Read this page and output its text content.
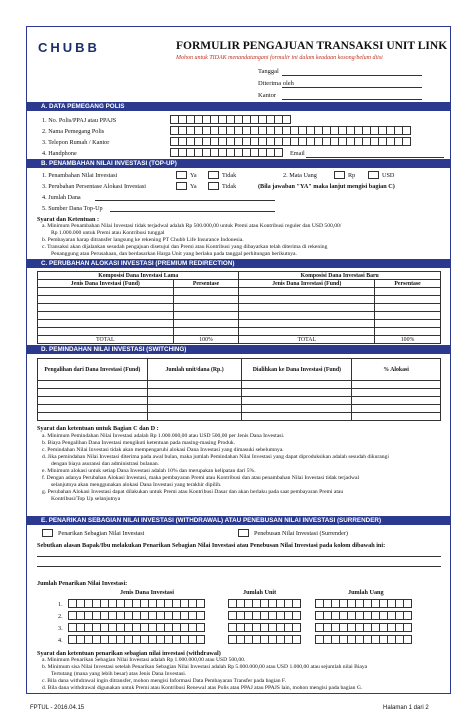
CHUBB	FORMULIR PENGAJUAN TRANSAKSI UNIT LINK
Mohon untuk TIDAK menandatangani formulir ini dalam keadaan kosong/belum diisi
Tanggal
Diterima oleh
Kantor
A. DATA PEMEGANG POLIS
1. No. Polis/PPAJ atau PPAJS
2. Nama Pemegang Polis
3. Telepon Rumah / Kantor
4. Handphone	Email
B. PENAMBAHAN NILAI INVESTASI (TOP-UP)
1. Penambahan Nilai Investasi	Ya	Tidak	2. Mata Uang	Rp	USD
3. Perubahan Persentase Alokasi Investasi	Ya	Tidak	(Bila jawaban "YA" maka lanjut mengisi bagian C)
4. Jumlah Dana
5. Sumber Dana Top-Up
Syarat dan Ketentuan :
a. Minimum Penambahan Nilai Investasi tidak terjadwal adalah Rp 500.000,00 untuk Premi atau Kontribusi reguler dan USD 500,00/
Rp 1.000.000 untuk Premi atau Kontribusi tunggal
b. Pembayaran harap ditransfer langsung ke rekening PT Chubb Life Insurance Indonesia.
c. Transaksi akan dijalankan sesudah pengajuan disetujui dan Premi atau Kontribusi yang dibayarkan telah diterima di rekening
Penanggung atau Perusahaan, dan berdasarkan Harga Unit yang berlaku pada tanggal perhitungan berikutnya.
C. PERUBAHAN ALOKASI INVESTASI (PREMIUM REDIRECTION)
Komposisi Dana Investasi Lama		Komposisi Dana Investasi Baru	
Jenis Dana Investasi (Fund)	Persentase	Jenis Dana Investasi (Fund)	Persentase

TOTAL	100%	TOTAL	100%
D. PEMINDAHAN NILAI INVESTASI (SWITCHING)
Pengalihan dari Dana Investasi (Fund)	Jumlah unit/dana (Rp.)	Dialihkan ke Dana Investasi (Fund)	% Alokasi

Syarat dan ketentuan untuk Bagian C dan D :
a. Minimum Pemindahan Nilai Investasi adalah Rp 1.000.000,00 atau USD 500,00 per Jenis Dana Investasi.
b. Biaya Pengalihan Dana Investasi mengikuti ketentuan pada masing-masing Produk.
c. Pemindahan Nilai Investasi tidak akan mempengaruhi alokasi Dana Investasi yang dimasuki sebelumnya.
d. Jika pemindahan Nilai Investasi diterima pada awal bulan, maka jumlah Pemindahan Nilai Investasi yang dapat diproduksikan adalah sesudah dikurangi
dengan biaya asuransi dan administrasi bulanan.
e. Minimum alokasi untuk setiap Dana Investasi adalah 10% dan merupakan kelipatan dari 5%.
f. Dengan adanya Perubahan Alokasi Investasi, maka pembayaran Premi atau Kontribusi dan atau penambahan Nilai Investasi tidak terjadwal
selanjutnya akan menggunakan alokasi Dana Investasi yang terakhir dipilih.
g. Perubahan Alokasi Investasi dapat dilakukan untuk Premi atau Kontribusi Dasar dan akan berlaku pada saat pembayaran Premi atau
Kontribusi/Top Up selanjutnya
E. PENARIKAN SEBAGIAN NILAI INVESTASI (WITHDRAWAL) ATAU PENEBUSAN NILAI INVESTASI (SURRENDER)
Penarikan Sebagian Nilai Investasi	Penebusan Nilai Investasi (Surrender)
Sebutkan alasan Bapak/Ibu melakukan Penarikan Sebagian Nilai Investasi atau Penebusan Nilai Investasi pada kolom dibawah ini:
Jumlah Penarikan Nilai Investasi:
Jenis Dana Investasi	Jumlah Unit	Jumlah Uang
1.
2.
3.
4.
Syarat dan ketentuan penarikan sebagian nilai investasi (withdrawal)
a. Minimum Penarikan Sebagian Nilai Investasi adalah Rp 1.000.000,00 atau USD 500,00.
b. Minimum sisa Nilai Investasi setelah Penarikan Sebagian Nilai Investasi adalah Rp 5.000.000,00 atau USD 1.000,00 atau sejumlah nilai Biaya
Tertutang (mana yang lebih besar) atas Jenis Dana Investasi.
c. Bila dana withdrawal ingin ditransfer, mohon mengisi Informasi Data Pembayaran Transfer pada bagian F.
d. Bila dana withdrawal digunakan untuk Premi atau Kontribusi Renewal atas Polis atau PPAJ atau PPAJS lain, mohon mengisi pada bagian G.
FPTUL - 2016.04.15	Halaman 1 dari 2
